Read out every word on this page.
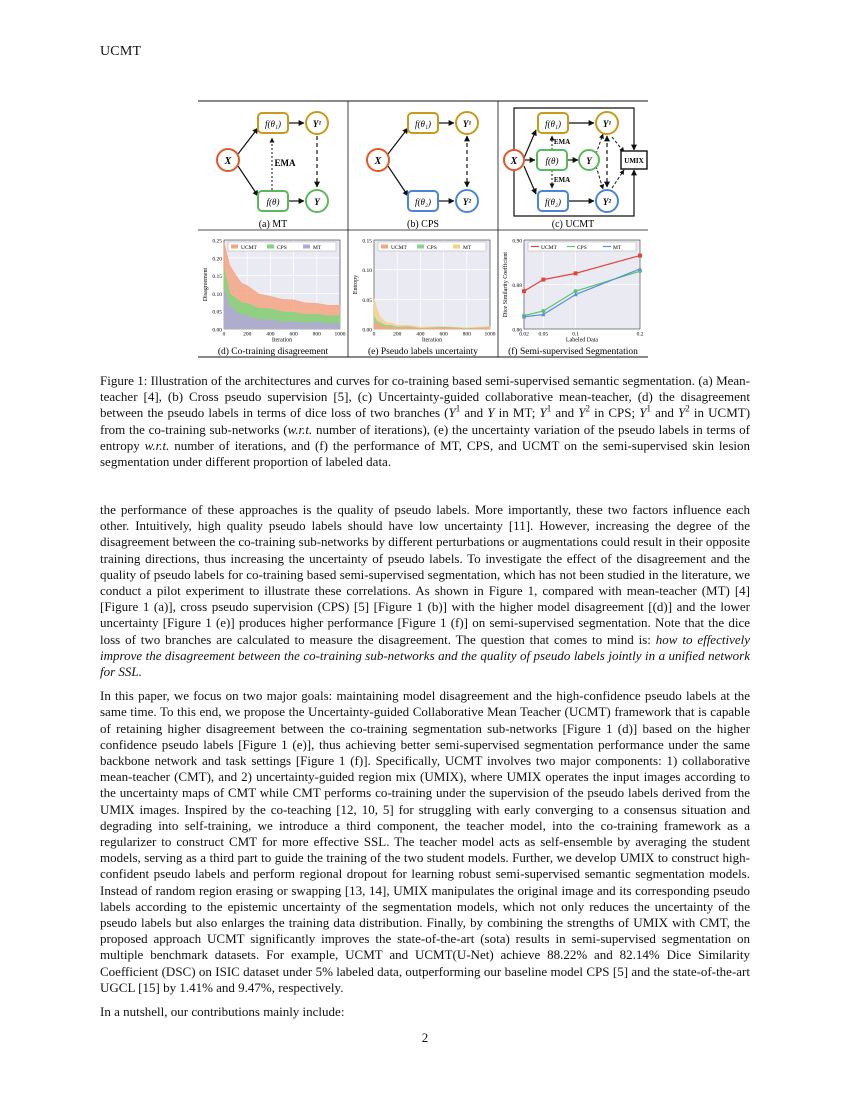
UCMT
X
f(θ₁)	Y¹
f(θ)	Y
EMA
(a) MT
X
f(θ₁)	Y¹
f(θ₂)	Y²
(b) CPS
X
f(θ₁)	Y¹
f(θ)	Y
f(θ₂)	Y²
UMIX
EMA
EMA
(c) UCMT
0.00
0.05
0.10
0.15
0.20
0.25
0	200	400	600	800 1000
Iteration
Disagreement
UCMT	CPS	MT
0.00
0.05
0.10
0.15
0	200	400	600	800 1000
Iteration
Entropy
UCMT	CPS	MT
0.86
0.88
0.90
0.02 0.05	0.1	0.2
Labeled Data
Dice Similarity Coefficient
UCMT	CPS	MT
(d) Co-training disagreement	(e) Pseudo labels uncertainty	(f) Semi-supervised Segmentation
Figure 1: Illustration of the architectures and curves for co-training based semi-supervised semantic segmentation. (a) Mean-teacher [4], (b) Cross pseudo supervision [5], (c) Uncertainty-guided collaborative mean-teacher, (d) the disagreement between the pseudo labels in terms of dice loss of two branches ($Y^1$ and Y in MT; $Y^1$ and $Y^2$ in CPS; $Y^1$ and $Y^2$ in UCMT) from the co-training sub-networks (w.r.t. number of iterations), (e) the uncertainty variation of the pseudo labels in terms of entropy w.r.t. number of iterations, and (f) the performance of MT, CPS, and UCMT on the semi-supervised skin lesion segmentation under different proportion of labeled data.

the performance of these approaches is the quality of pseudo labels. More importantly, these two factors influence each other. Intuitively, high quality pseudo labels should have low uncertainty [11]. However, increasing the degree of the disagreement between the co-training sub-networks by different perturbations or augmentations could result in their opposite training directions, thus increasing the uncertainty of pseudo labels. To investigate the effect of the disagreement and the quality of pseudo labels for co-training based semi-supervised segmentation, which has not been studied in the literature, we conduct a pilot experiment to illustrate these correlations. As shown in Figure 1, compared with mean-teacher (MT) [4] [Figure 1 (a)], cross pseudo supervision (CPS) [5] [Figure 1 (b)] with the higher model disagreement [(d)] and the lower uncertainty [Figure 1 (e)] produces higher performance [Figure 1 (f)] on semi-supervised segmentation. Note that the dice loss of two branches are calculated to measure the disagreement. The question that comes to mind is: how to effectively improve the disagreement between the co-training sub-networks and the quality of pseudo labels jointly in a unified network for SSL.

In this paper, we focus on two major goals: maintaining model disagreement and the high-confidence pseudo labels at the same time. To this end, we propose the Uncertainty-guided Collaborative Mean Teacher (UCMT) framework that is capable of retaining higher disagreement between the co-training segmentation sub-networks [Figure 1 (d)] based on the higher confidence pseudo labels [Figure 1 (e)], thus achieving better semi-supervised segmentation performance under the same backbone network and task settings [Figure 1 (f)]. Specifically, UCMT involves two major components: 1) collaborative mean-teacher (CMT), and 2) uncertainty-guided region mix (UMIX), where UMIX operates the input images according to the uncertainty maps of CMT while CMT performs co-training under the supervision of the pseudo labels derived from the UMIX images. Inspired by the co-teaching [12, 10, 5] for struggling with early converging to a consensus situation and degrading into self-training, we introduce a third component, the teacher model, into the co-training framework as a regularizer to construct CMT for more effective SSL. The teacher model acts as self-ensemble by averaging the student models, serving as a third part to guide the training of the two student models. Further, we develop UMIX to construct high-confident pseudo labels and perform regional dropout for learning robust semi-supervised semantic segmentation models. Instead of random region erasing or swapping [13, 14], UMIX manipulates the original image and its corresponding pseudo labels according to the epistemic uncertainty of the segmentation models, which not only reduces the uncertainty of the pseudo labels but also enlarges the training data distribution. Finally, by combining the strengths of UMIX with CMT, the proposed approach UCMT significantly improves the state-of-the-art (sota) results in semi-supervised segmentation on multiple benchmark datasets. For example, UCMT and UCMT(U-Net) achieve 88.22% and 82.14% Dice Similarity Coefficient (DSC) on ISIC dataset under 5% labeled data, outperforming our baseline model CPS [5] and the state-of-the-art UGCL [15] by 1.41% and 9.47%, respectively.

In a nutshell, our contributions mainly include:

2
